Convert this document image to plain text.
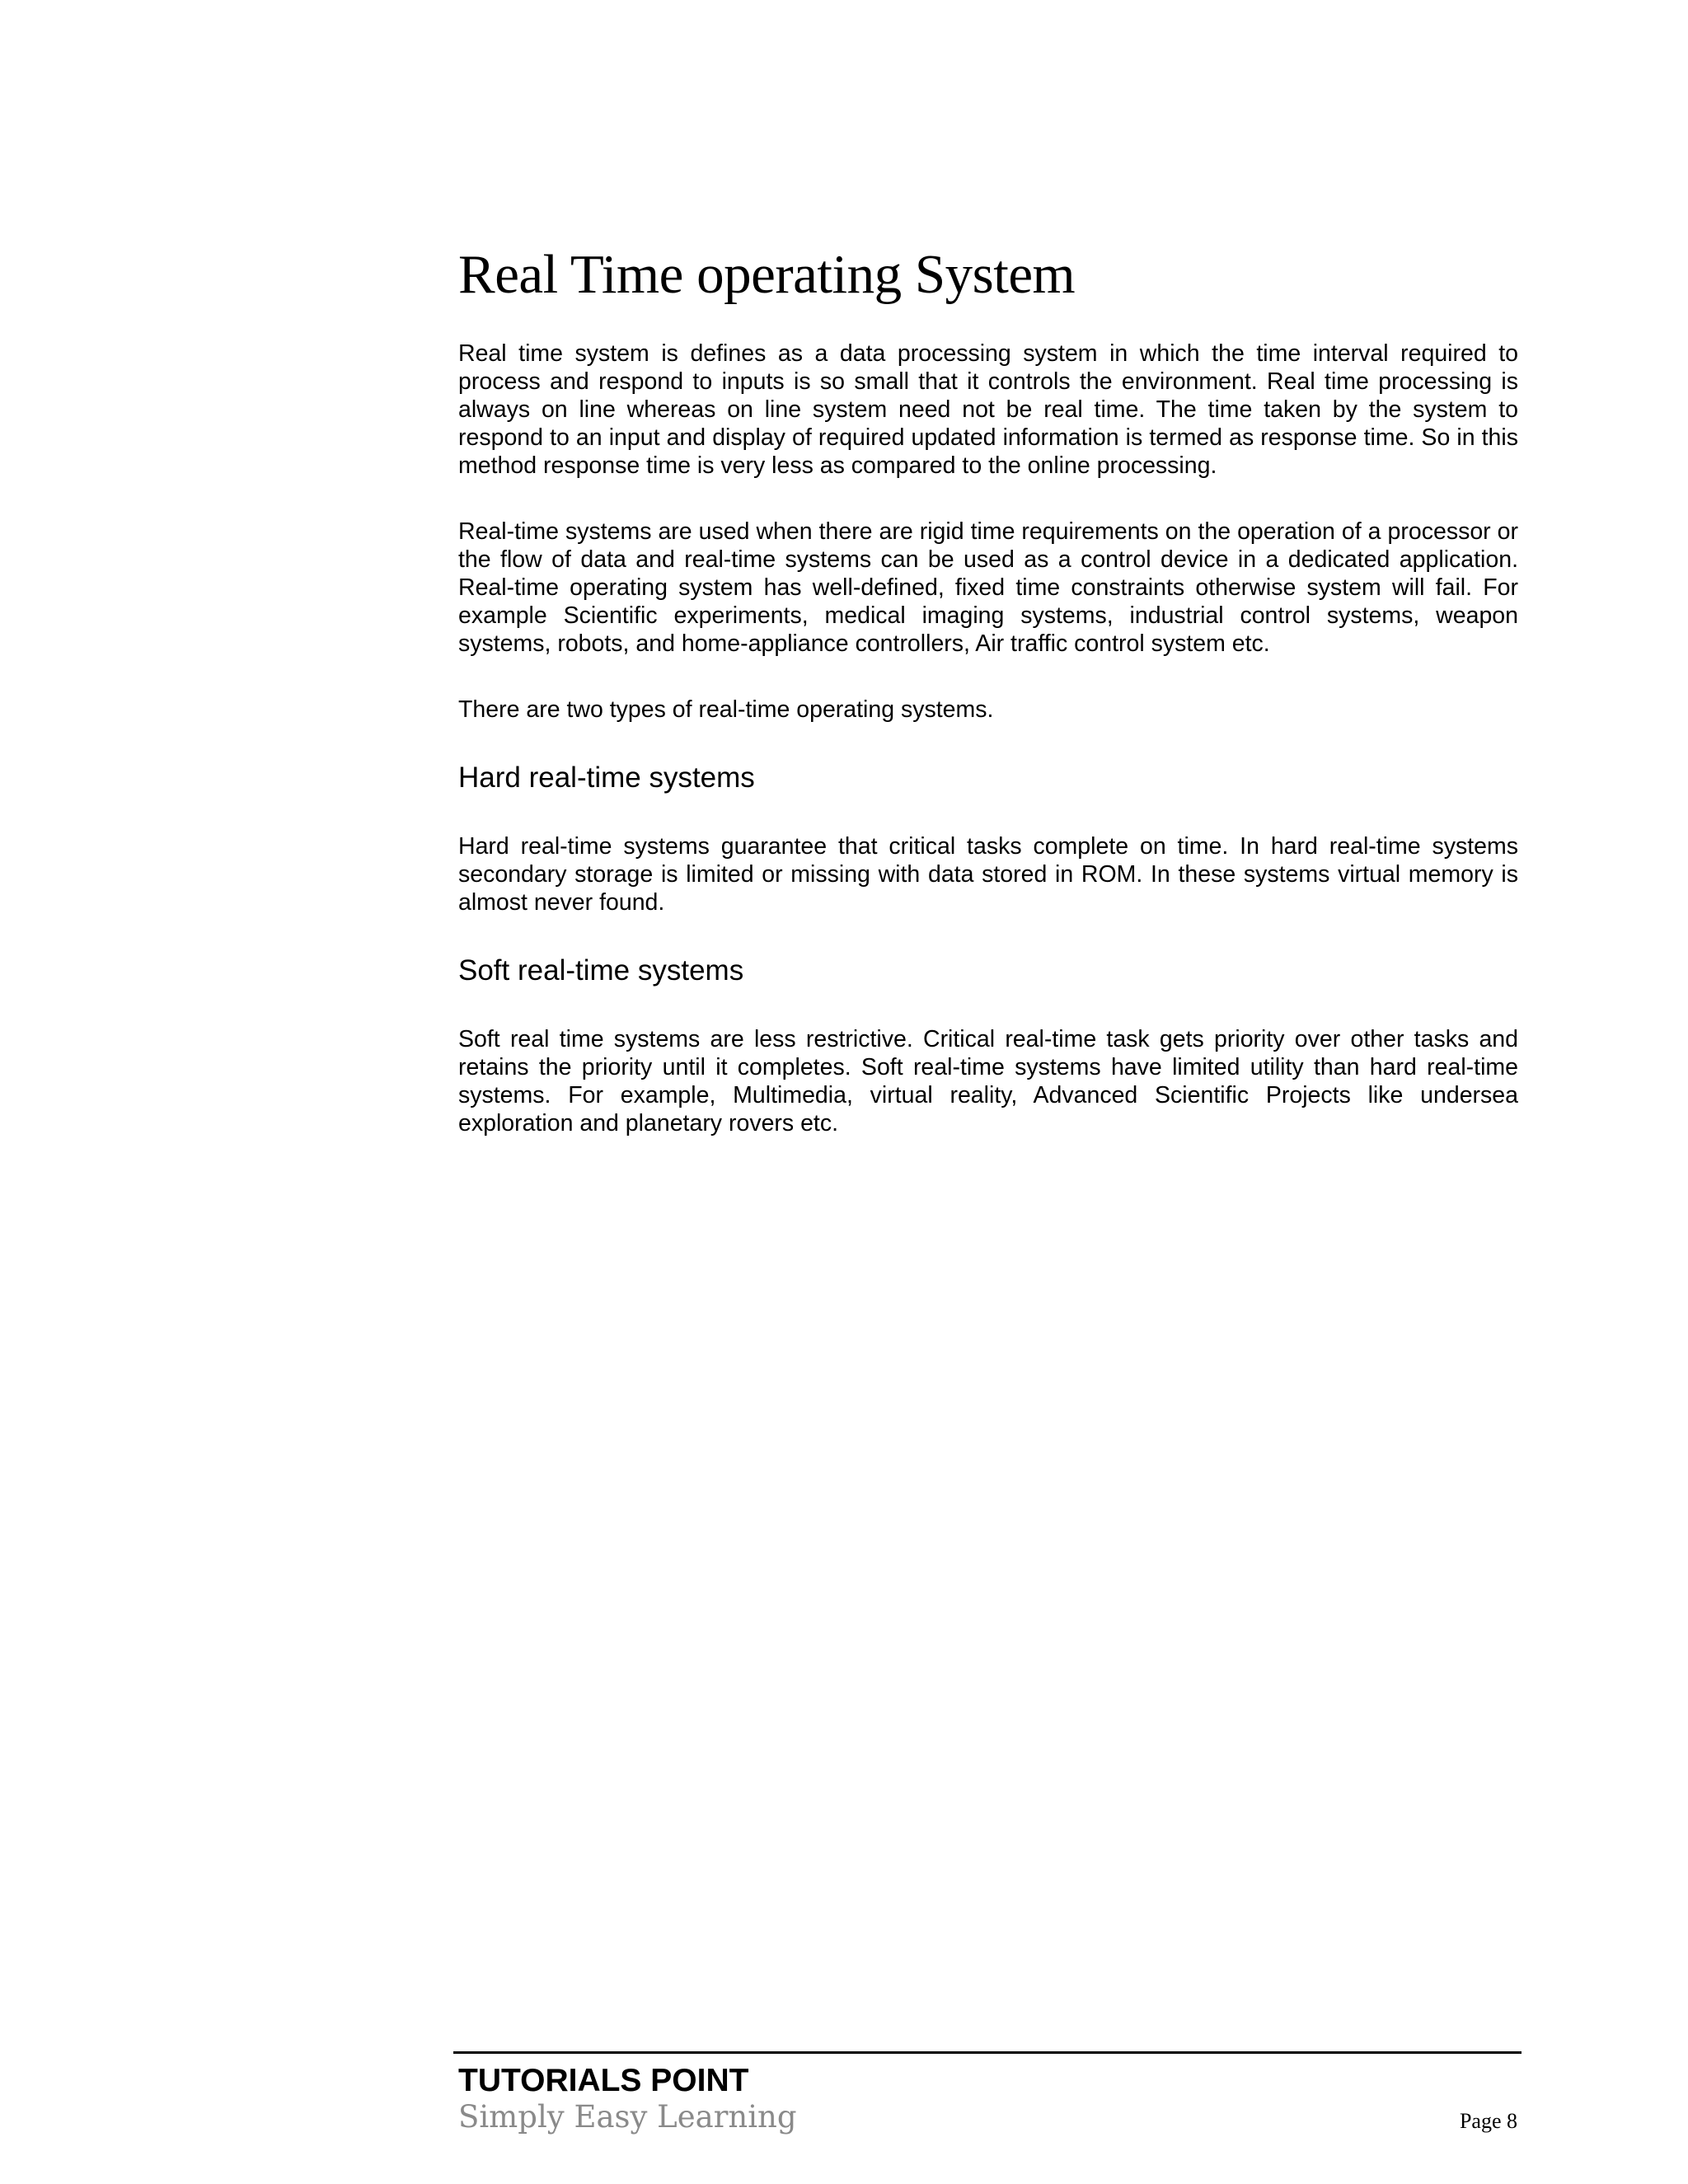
Real Time operating System

Real time system is defines as a data processing system in which the time interval required to process and respond to inputs is so small that it controls the environment. Real time processing is always on line whereas on line system need not be real time. The time taken by the system to respond to an input and display of required updated information is termed as response time. So in this method response time is very less as compared to the online processing.

Real-time systems are used when there are rigid time requirements on the operation of a processor or the flow of data and real-time systems can be used as a control device in a dedicated application. Real-time operating system has well-defined, fixed time constraints otherwise system will fail. For example Scientific experiments, medical imaging systems, industrial control systems, weapon systems, robots, and home-appliance controllers, Air traffic control system etc.

There are two types of real-time operating systems.

Hard real-time systems

Hard real-time systems guarantee that critical tasks complete on time. In hard real-time systems secondary storage is limited or missing with data stored in ROM. In these systems virtual memory is almost never found.

Soft real-time systems

Soft real time systems are less restrictive. Critical real-time task gets priority over other tasks and retains the priority until it completes. Soft real-time systems have limited utility than hard real-time systems. For example, Multimedia, virtual reality, Advanced Scientific Projects like undersea exploration and planetary rovers etc.

TUTORIALS POINT
Simply Easy Learning	Page 8
